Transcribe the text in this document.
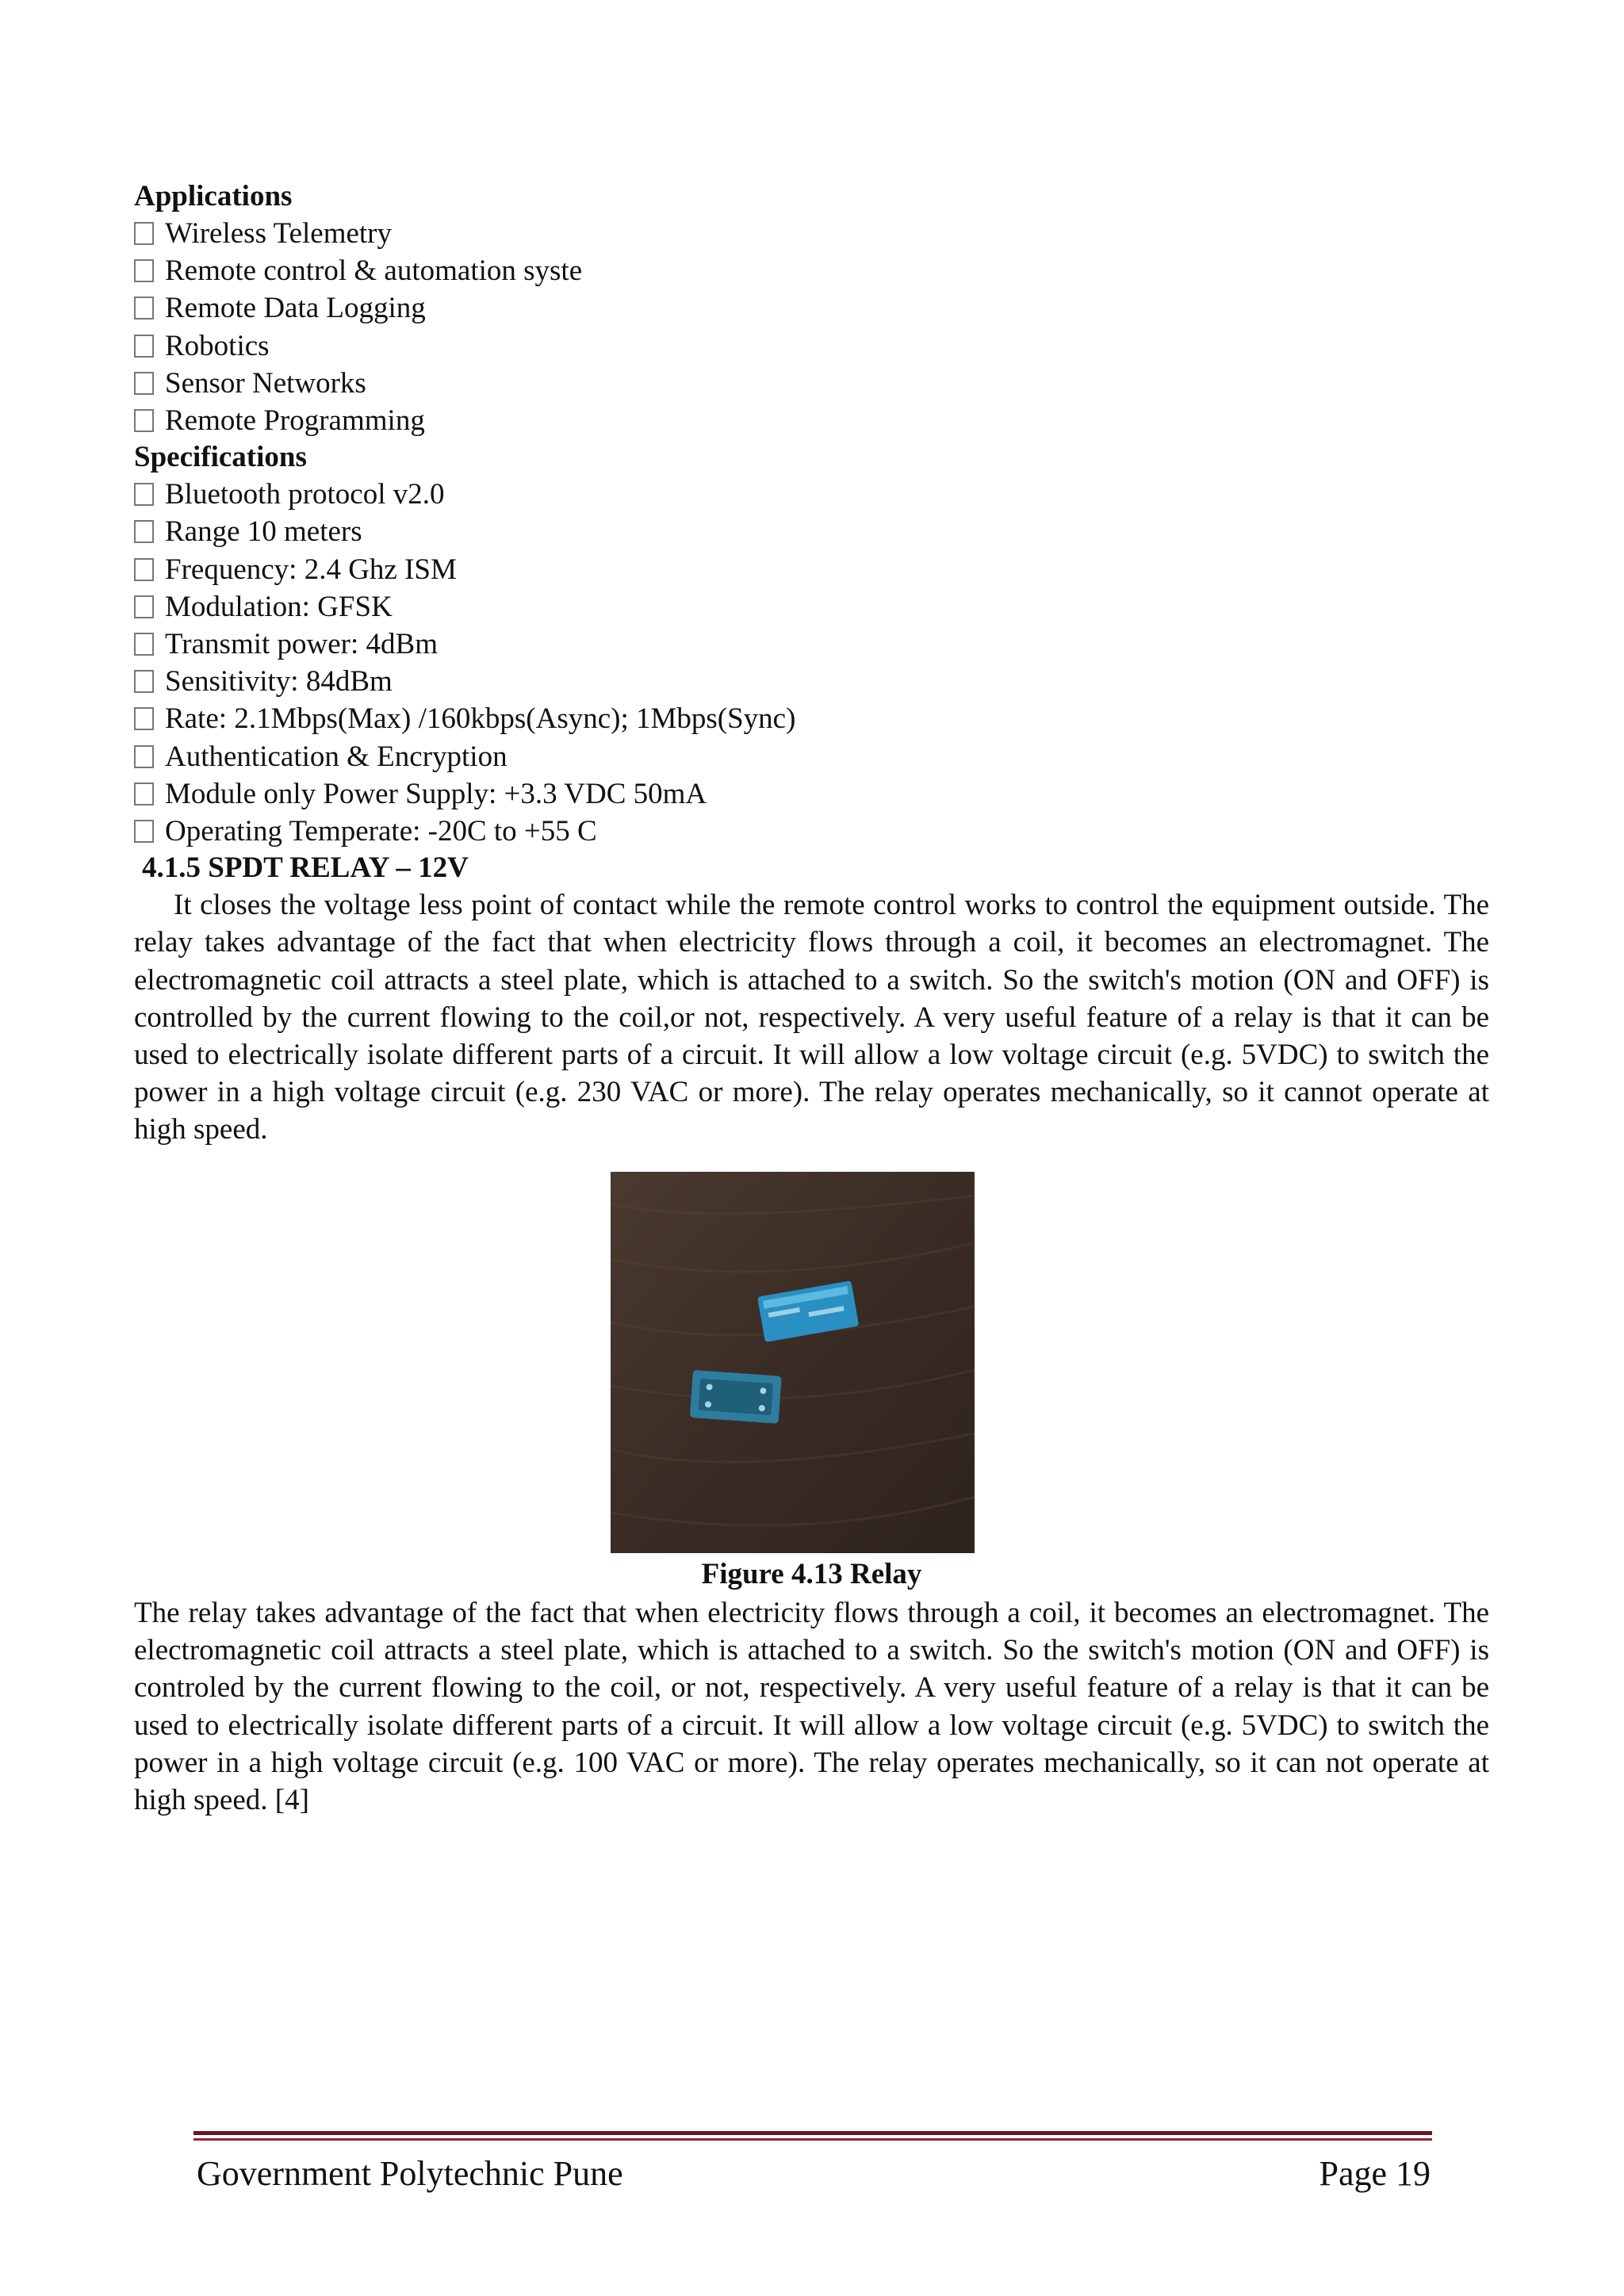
Applications

Wireless Telemetry
Remote control & automation syste
Remote Data Logging
Robotics
Sensor Networks
Remote Programming

Specifications

Bluetooth protocol v2.0
Range 10 meters
Frequency: 2.4 Ghz ISM
Modulation: GFSK
Transmit power: 4dBm
Sensitivity: 84dBm
Rate: 2.1Mbps(Max) /160kbps(Async); 1Mbps(Sync)
Authentication & Encryption
Module only Power Supply: +3.3 VDC 50mA
Operating Temperate: -20C to +55 C

4.1.5 SPDT RELAY – 12V

It closes the voltage less point of contact while the remote control works to control the equipment outside. The relay takes advantage of the fact that when electricity flows through a coil, it becomes an electromagnet. The electromagnetic coil attracts a steel plate, which is attached to a switch. So the switch's motion (ON and OFF) is controlled by the current flowing to the coil,or not, respectively. A very useful feature of a relay is that it can be used to electrically isolate different parts of a circuit. It will allow a low voltage circuit (e.g. 5VDC) to switch the power in a high voltage circuit (e.g. 230 VAC or more). The relay operates mechanically, so it cannot operate at high speed.

Figure 4.13 Relay

The relay takes advantage of the fact that when electricity flows through a coil, it becomes an electromagnet. The electromagnetic coil attracts a steel plate, which is attached to a switch. So the switch's motion (ON and OFF) is controled by the current flowing to the coil, or not, respectively. A very useful feature of a relay is that it can be used to electrically isolate different parts of a circuit. It will allow a low voltage circuit (e.g. 5VDC) to switch the power in a high voltage circuit (e.g. 100 VAC or more). The relay operates mechanically, so it can not operate at high speed. [4]

Government Polytechnic Pune	Page 19
